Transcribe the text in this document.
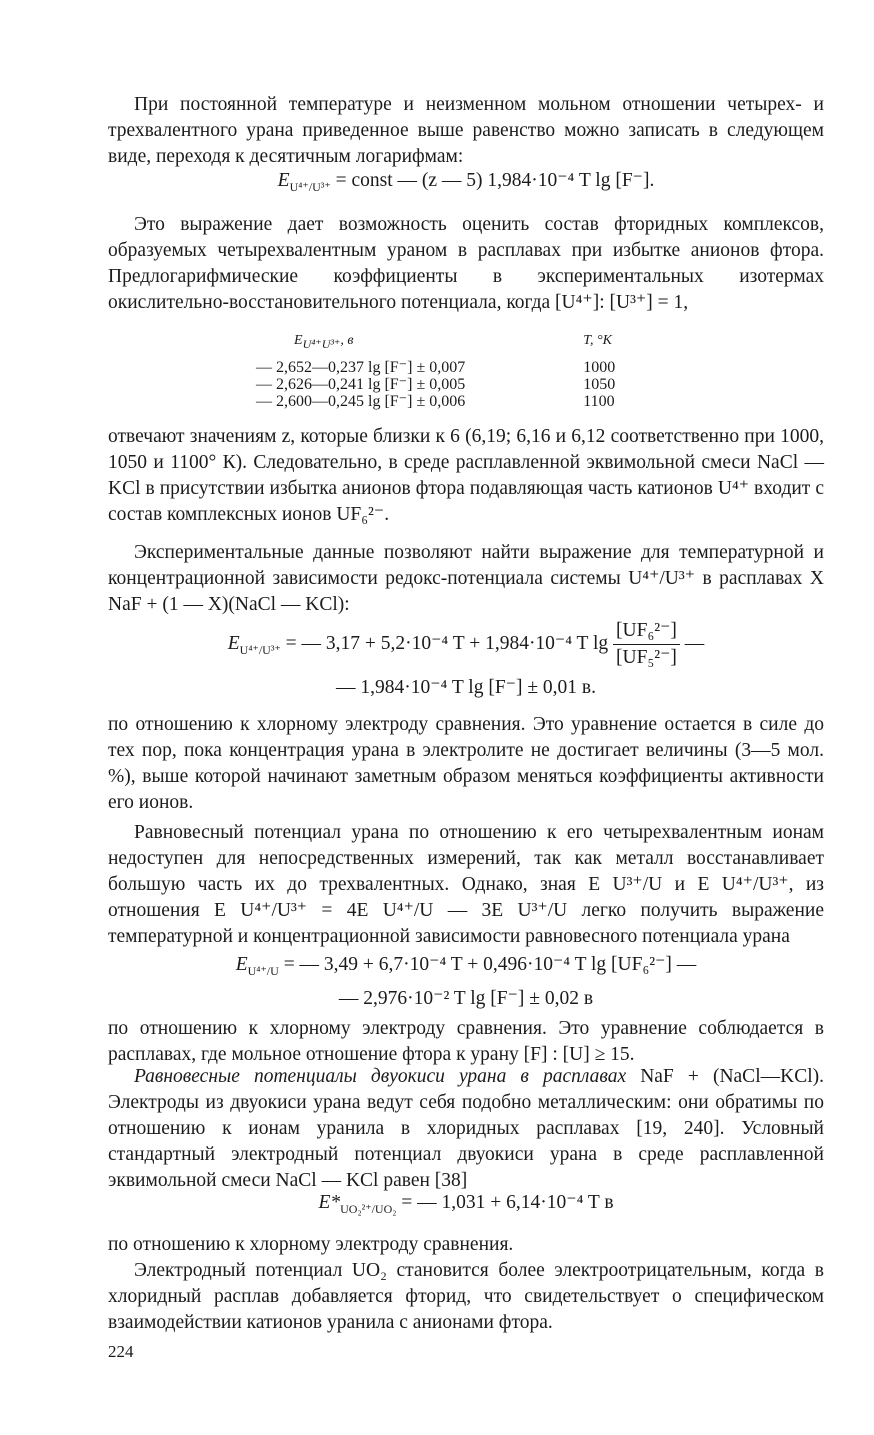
При постоянной температуре и неизменном мольном отношении четырех- и трехвалентного урана приведенное выше равенство можно записать в следующем виде, переходя к десятичным логарифмам:

$E_{U^{4+}/U^{3+}}$ = const — (z — 5) 1,984·10⁻⁴ T lg [F⁻].

Это выражение дает возможность оценить состав фторидных комплексов, образуемых четырехвалентным ураном в расплавах при избытке анионов фтора. Предлогарифмические коэффициенты в экспериментальных изотермах окислительно-восстановительного потенциала, когда [U⁴⁺]: [U³⁺] = 1,

$E_{U^{4+}U^{3+}}$, в	T, °K
— 2,652—0,237 lg [F⁻] ± 0,007	1000
— 2,626—0,241 lg [F⁻] ± 0,005	1050
— 2,600—0,245 lg [F⁻] ± 0,006	1100

отвечают значениям z, которые близки к 6 (6,19; 6,16 и 6,12 соответственно при 1000, 1050 и 1100° К). Следовательно, в среде расплавленной эквимольной смеси NaCl — KCl в присутствии избытка анионов фтора подавляющая часть катионов U⁴⁺ входит с состав комплексных ионов UF₆²⁻.

Экспериментальные данные позволяют найти выражение для температурной и концентрационной зависимости редокс-потенциала системы U⁴⁺/U³⁺ в расплавах X NaF + (1 — X)(NaCl — KCl):

$E_{U^{4+}/U^{3+}}$ = — 3,17 + 5,2·10⁻⁴ T + 1,984·10⁻⁴ T $\lg \frac{\text{[UF₆²⁻]}}{\text{[UF₅²⁻]}}$ —

— 1,984·10⁻⁴ T lg [F⁻] ± 0,01 в.

по отношению к хлорному электроду сравнения. Это уравнение остается в силе до тех пор, пока концентрация урана в электролите не достигает величины (3—5 мол. %), выше которой начинают заметным образом меняться коэффициенты активности его ионов.

Равновесный потенциал урана по отношению к его четырехвалентным ионам недоступен для непосредственных измерений, так как металл восстанавливает большую часть их до трехвалентных. Однако, зная E U³⁺/U и E U⁴⁺/U³⁺, из отношения E U⁴⁺/U³⁺ = 4E U⁴⁺/U — 3E U³⁺/U легко получить выражение температурной и концентрационной зависимости равновесного потенциала урана

$E_{U^{4+}/U}$ = — 3,49 + 6,7·10⁻⁴ T + 0,496·10⁻⁴ T lg [UF₆²⁻] —

— 2,976·10⁻² T lg [F⁻] ± 0,02 в

по отношению к хлорному электроду сравнения. Это уравнение соблюдается в расплавах, где мольное отношение фтора к урану [F] : [U] ≥ 15.

Равновесные потенциалы двуокиси урана в расплавах NaF + (NaCl—KCl). Электроды из двуокиси урана ведут себя подобно металлическим: они обратимы по отношению к ионам уранила в хлоридных расплавах [19, 240]. Условный стандартный электродный потенциал двуокиси урана в среде расплавленной эквимольной смеси NaCl — KCl равен [38]

$E*_{UO_2^{2+}/UO_2}$ = — 1,031 + 6,14·10⁻⁴ T в

по отношению к хлорному электроду сравнения.

Электродный потенциал UO₂ становится более электроотрицательным, когда в хлоридный расплав добавляется фторид, что свидетельствует о специфическом взаимодействии катионов уранила с анионами фтора.

224
